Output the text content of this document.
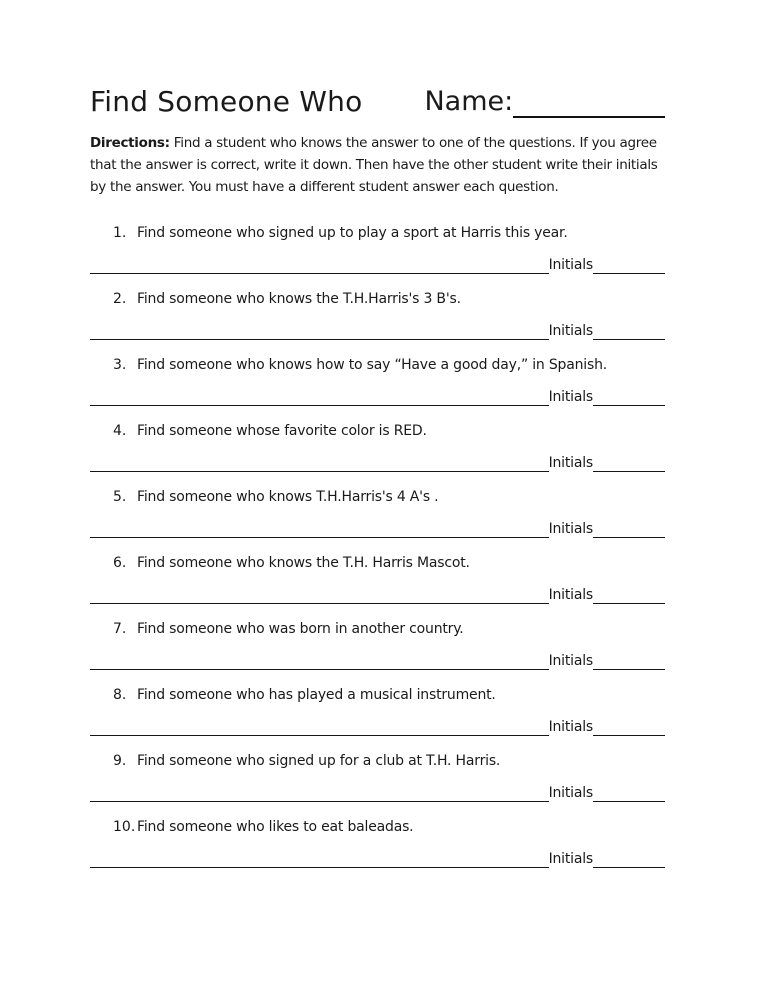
Find Someone Who Name:
Directions: Find a student who knows the answer to one of the questions. If you agree
that the answer is correct, write it down. Then have the other student write their initials
by the answer. You must have a different student answer each question.
1. Find someone who signed up to play a sport at Harris this year.
Initials
2. Find someone who knows the T.H.Harris's 3 B's.
Initials
3. Find someone who knows how to say “Have a good day,” in Spanish.
Initials
4. Find someone whose favorite color is RED.
Initials
5. Find someone who knows T.H.Harris's 4 A's .
Initials
6. Find someone who knows the T.H. Harris Mascot.
Initials
7. Find someone who was born in another country.
Initials
8. Find someone who has played a musical instrument.
Initials
9. Find someone who signed up for a club at T.H. Harris.
Initials
10. Find someone who likes to eat baleadas.
Initials
